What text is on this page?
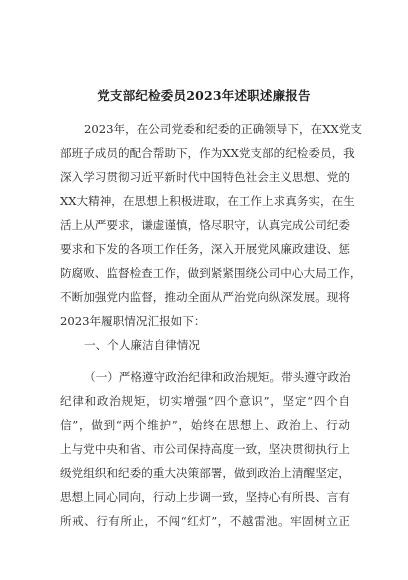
党支部纪检委员2023年述职述廉报告
2023年，在公司党委和纪委的正确领导下，在XX党支
部班子成员的配合帮助下，作为XX党支部的纪检委员，我
深入学习贯彻习近平新时代中国特色社会主义思想、党的
XX大精神，在思想上积极进取，在工作上求真务实，在生
活上从严要求，谦虚谨慎，恪尽职守，认真完成公司纪委
要求和下发的各项工作任务，深入开展党风廉政建设、惩
防腐败、监督检查工作，做到紧紧围绕公司中心大局工作，
不断加强党内监督，推动全面从严治党向纵深发展。现将
2023年履职情况汇报如下：
一、个人廉洁自律情况
（一）严格遵守政治纪律和政治规矩。带头遵守政治
纪律和政治规矩，切实增强“四个意识”，坚定“四个自
信”，做到“两个维护”，始终在思想上、政治上、行动
上与党中央和省、市公司保持高度一致，坚决贯彻执行上
级党组织和纪委的重大决策部署，做到政治上清醒坚定，
思想上同心同向，行动上步调一致，坚持心有所畏、言有
所戒、行有所止，不闯“红灯”，不越雷池。牢固树立正
